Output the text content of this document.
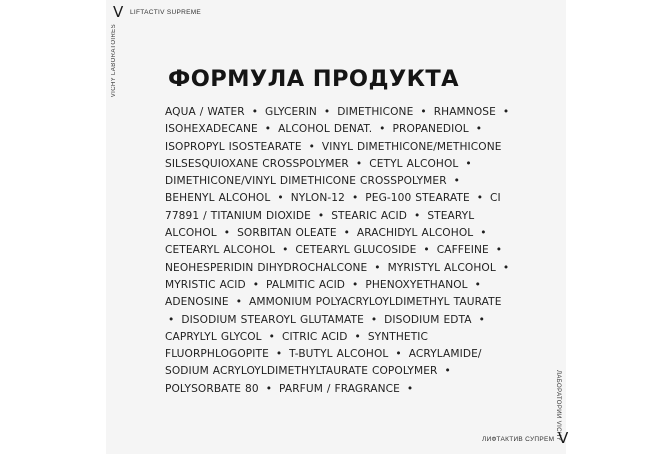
V LIFTACTIV SUPREME
VICHY LABORATOIRES ФОРМУЛА ПРОДУКТА
AQUA / WATER • GLYCERIN • DIMETHICONE • RHAMNOSE • ISOHEXADECANE • ALCOHOL DENAT. • PROPANEDIOL • ISOPROPYL ISOSTEARATE • VINYL DIMETHICONE/METHICONE SILSESQUIOXANE CROSSPOLYMER • CETYL ALCOHOL • DIMETHICONE/VINYL DIMETHICONE CROSSPOLYMER • BEHENYL ALCOHOL • NYLON-12 • PEG-100 STEARATE • CI 77891 / TITANIUM DIOXIDE • STEARIC ACID • STEARYL ALCOHOL • SORBITAN OLEATE • ARACHIDYL ALCOHOL • CETEARYL ALCOHOL • CETEARYL GLUCOSIDE • CAFFEINE • NEOHESPERIDIN DIHYDROCHALCONE • MYRISTYL ALCOHOL • MYRISTIC ACID • PALMITIC ACID • PHENOXYETHANOL • ADENOSINE • AMMONIUM POLYACRYLOYLDIMETHYL TAURATE • DISODIUM STEAROYL GLUTAMATE • DISODIUM EDTA • CAPRYLYL GLYCOL • CITRIC ACID • SYNTHETIC FLUORPHLOGOPITE • T-BUTYL ALCOHOL • ACRYLAMIDE/ SODIUM ACRYLOYLDIMETHYLTAURATE COPOLYMER • POLYSORBATE 80 • PARFUM / FRAGRANCE •	ЛАБОРАТОРИИ VICHY
ЛИФТАКТИВ СУПРЕМ V
